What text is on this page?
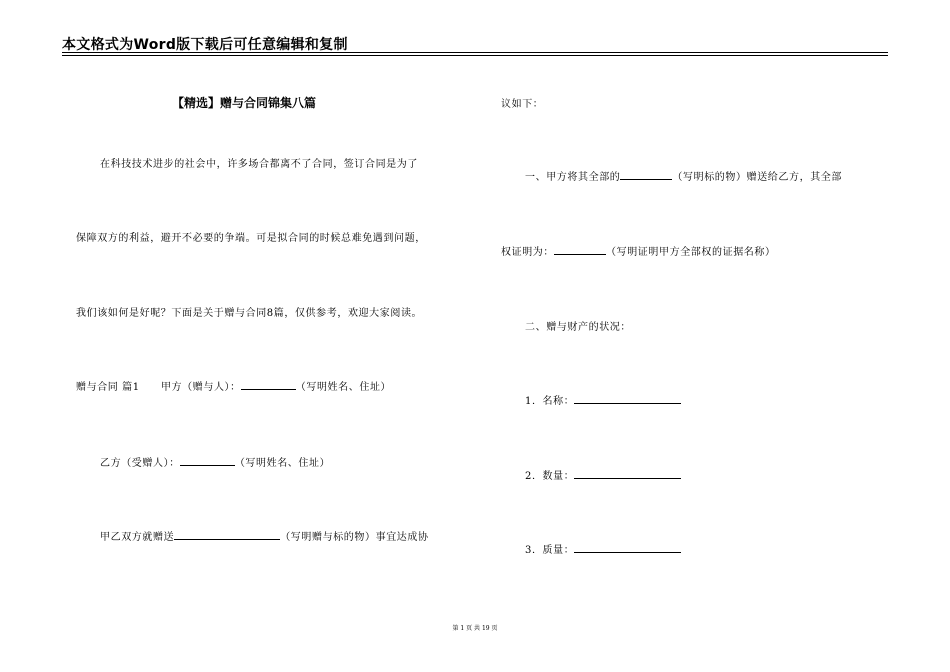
本文格式为Word版下载后可任意编辑和复制
【精选】赠与合同锦集八篇
在科技技术进步的社会中，许多场合都离不了合同，签订合同是为了
保障双方的利益，避开不必要的争端。可是拟合同的时候总难免遇到问题，
我们该如何是好呢？下面是关于赠与合同8篇，仅供参考，欢迎大家阅读。
赠与合同 篇1　　甲方（赠与人）：	（写明姓名、住址）
乙方（受赠人）：	（写明姓名、住址）
甲乙双方就赠送	（写明赠与标的物）事宜达成协
议如下：
一、甲方将其全部的	（写明标的物）赠送给乙方，其全部
权证明为：	（写明证明甲方全部权的证据名称）
二、赠与财产的状况：
1．名称：
2．数量：
3．质量：
第 1 页 共 19 页
